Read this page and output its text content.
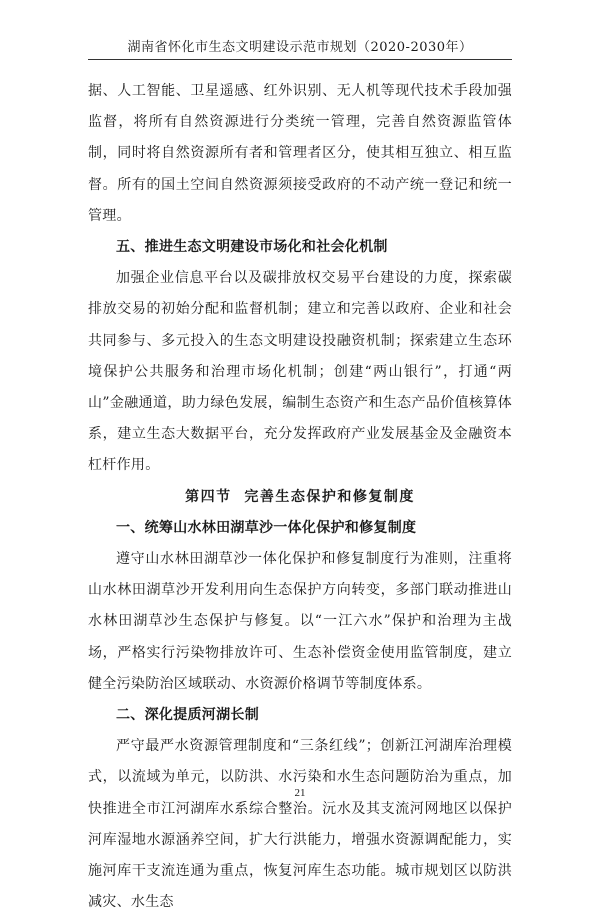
湖南省怀化市生态文明建设示范市规划（2020-2030年）

据、人工智能、卫星遥感、红外识别、无人机等现代技术手段加强监督，将所有自然资源进行分类统一管理，完善自然资源监管体制，同时将自然资源所有者和管理者区分，使其相互独立、相互监督。所有的国土空间自然资源须接受政府的不动产统一登记和统一管理。

五、推进生态文明建设市场化和社会化机制

加强企业信息平台以及碳排放权交易平台建设的力度，探索碳排放交易的初始分配和监督机制；建立和完善以政府、企业和社会共同参与、多元投入的生态文明建设投融资机制；探索建立生态环境保护公共服务和治理市场化机制；创建“两山银行”，打通“两山”金融通道，助力绿色发展，编制生态资产和生态产品价值核算体系，建立生态大数据平台，充分发挥政府产业发展基金及金融资本杠杆作用。

第四节  完善生态保护和修复制度

一、统筹山水林田湖草沙一体化保护和修复制度

遵守山水林田湖草沙一体化保护和修复制度行为准则，注重将山水林田湖草沙开发利用向生态保护方向转变，多部门联动推进山水林田湖草沙生态保护与修复。以“一江六水”保护和治理为主战场，严格实行污染物排放许可、生态补偿资金使用监管制度，建立健全污染防治区域联动、水资源价格调节等制度体系。

二、深化提质河湖长制

严守最严水资源管理制度和“三条红线”；创新江河湖库治理模式，以流域为单元，以防洪、水污染和水生态问题防治为重点，加快推进全市江河湖库水系综合整治。沅水及其支流河网地区以保护河库湿地水源涵养空间，扩大行洪能力，增强水资源调配能力，实施河库干支流连通为重点，恢复河库生态功能。城市规划区以防洪减灾、水生态

21
